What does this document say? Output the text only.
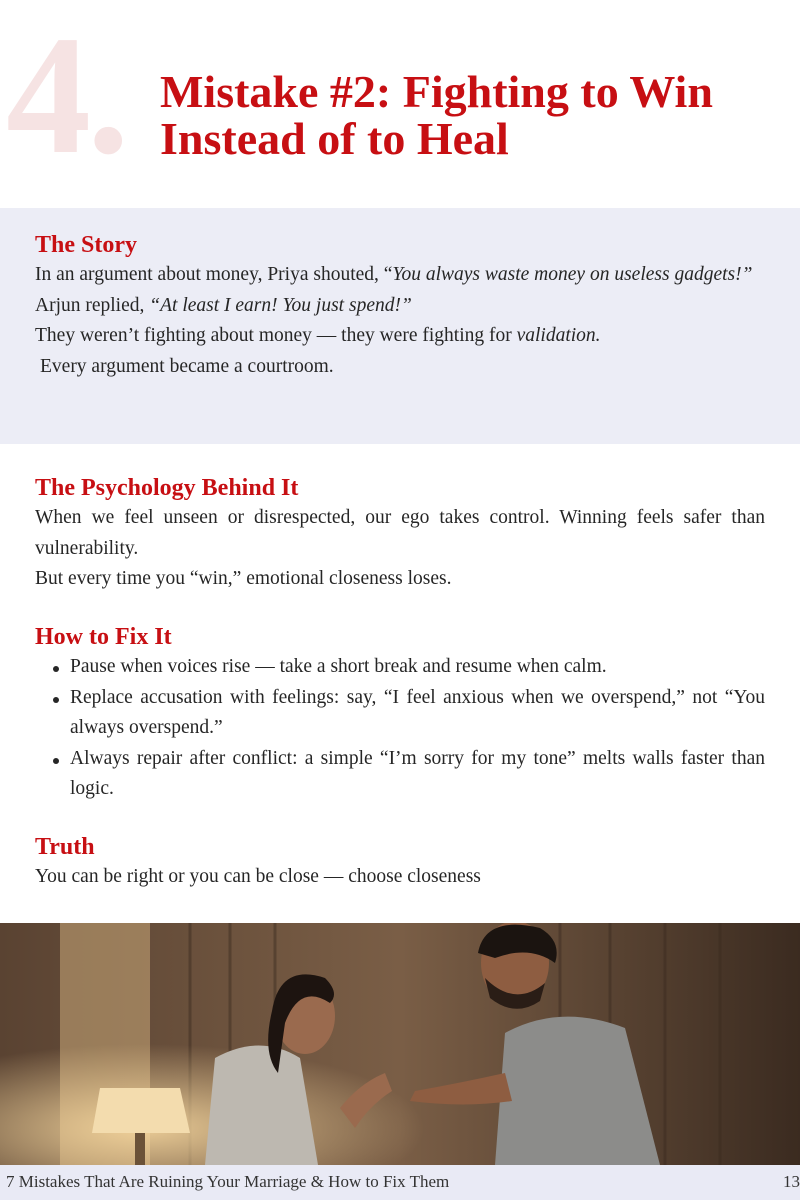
4. Mistake #2: Fighting to Win Instead of to Heal
The Story

In an argument about money, Priya shouted, “You always waste money on useless gadgets!”

Arjun replied, “At least I earn! You just spend!”

They weren’t fighting about money — they were fighting for validation.

Every argument became a courtroom.

The Psychology Behind It

When we feel unseen or disrespected, our ego takes control. Winning feels safer than vulnerability.

But every time you “win,” emotional closeness loses.

How to Fix It
Pause when voices rise — take a short break and resume when calm.
Replace accusation with feelings: say, “I feel anxious when we overspend,” not “You always overspend.”
Always repair after conflict: a simple “I’m sorry for my tone” melts walls faster than logic.
Truth

You can be right or you can be close — choose closeness

7 Mistakes That Are Ruining Your Marriage & How to Fix Them	13
